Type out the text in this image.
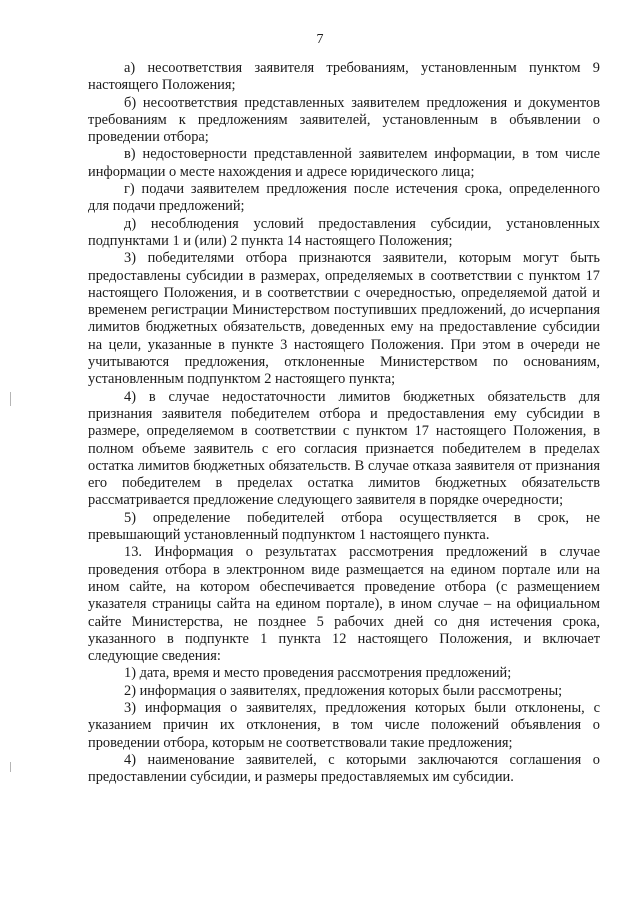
7

а) несоответствия заявителя требованиям, установленным пунктом 9 настоящего Положения;

б) несоответствия представленных заявителем предложения и документов требованиям к предложениям заявителей, установленным в объявлении о проведении отбора;

в) недостоверности представленной заявителем информации, в том числе информации о месте нахождения и адресе юридического лица;

г) подачи заявителем предложения после истечения срока, определенного для подачи предложений;

д) несоблюдения условий предоставления субсидии, установленных подпунктами 1 и (или) 2 пункта 14 настоящего Положения;

3) победителями отбора признаются заявители, которым могут быть предоставлены субсидии в размерах, определяемых в соответствии с пунктом 17 настоящего Положения, и в соответствии с очередностью, определяемой датой и временем регистрации Министерством поступивших предложений, до исчерпания лимитов бюджетных обязательств, доведенных ему на предоставление субсидии на цели, указанные в пункте 3 настоящего Положения. При этом в очереди не учитываются предложения, отклоненные Министерством по основаниям, установленным подпунктом 2 настоящего пункта;

4) в случае недостаточности лимитов бюджетных обязательств для признания заявителя победителем отбора и предоставления ему субсидии в размере, определяемом в соответствии с пунктом 17 настоящего Положения, в полном объеме заявитель с его согласия признается победителем в пределах остатка лимитов бюджетных обязательств. В случае отказа заявителя от признания его победителем в пределах остатка лимитов бюджетных обязательств рассматривается предложение следующего заявителя в порядке очередности;

5) определение победителей отбора осуществляется в срок, не превышающий установленный подпунктом 1 настоящего пункта.

13. Информация о результатах рассмотрения предложений в случае проведения отбора в электронном виде размещается на едином портале или на ином сайте, на котором обеспечивается проведение отбора (с размещением указателя страницы сайта на едином портале), в ином случае – на официальном сайте Министерства, не позднее 5 рабочих дней со дня истечения срока, указанного в подпункте 1 пункта 12 настоящего Положения, и включает следующие сведения:

1) дата, время и место проведения рассмотрения предложений;

2) информация о заявителях, предложения которых были рассмотрены;

3) информация о заявителях, предложения которых были отклонены, с указанием причин их отклонения, в том числе положений объявления о проведении отбора, которым не соответствовали такие предложения;

4) наименование заявителей, с которыми заключаются соглашения о предоставлении субсидии, и размеры предоставляемых им субсидии.
